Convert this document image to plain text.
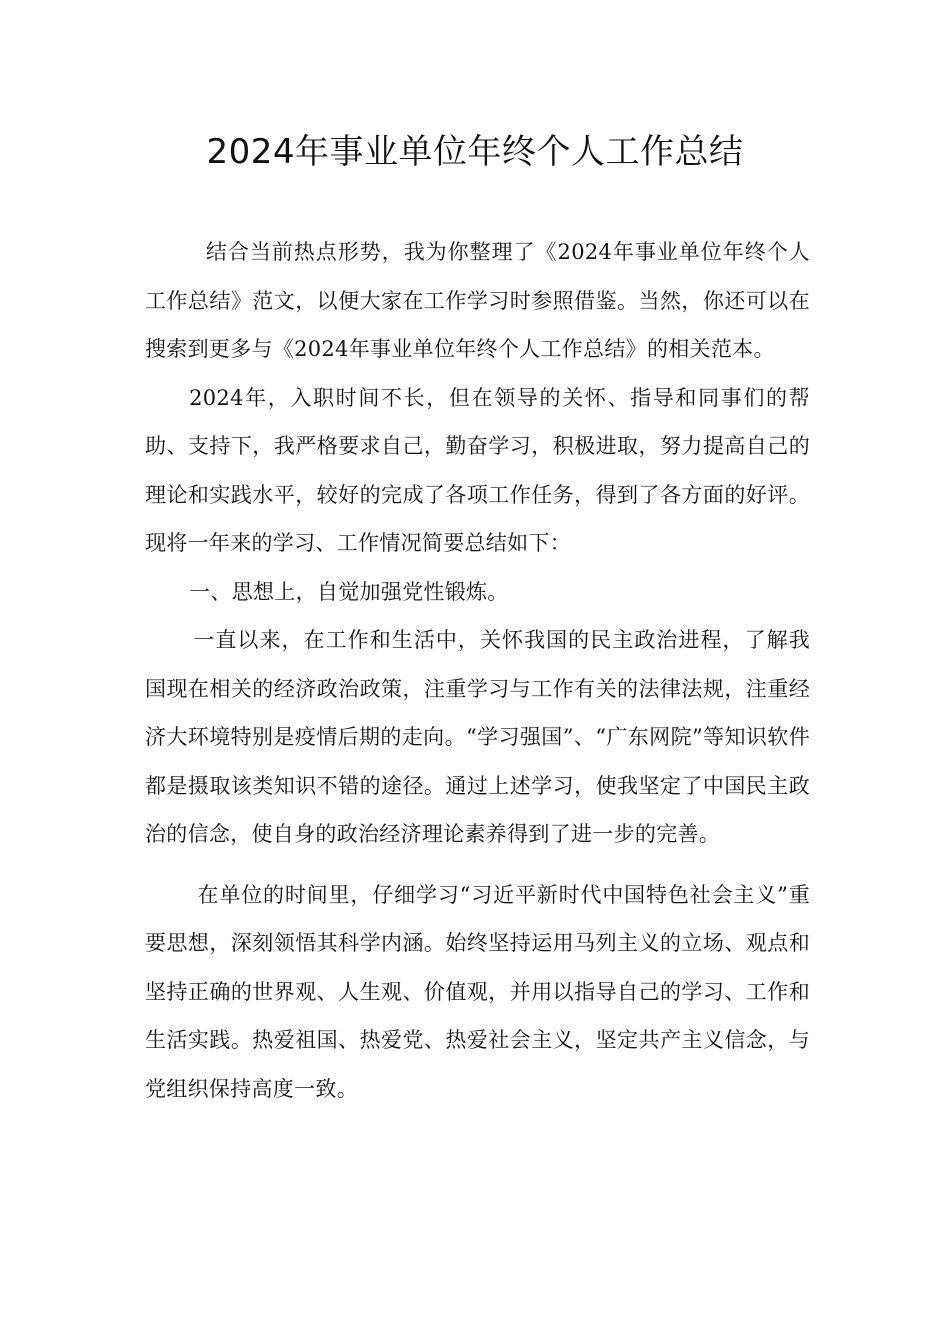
2024年事业单位年终个人工作总结

结合当前热点形势，我为你整理了《2024年事业单位年终个人工作总结》范文，以便大家在工作学习时参照借鉴。当然，你还可以在搜索到更多与《2024年事业单位年终个人工作总结》的相关范本。

2024年，入职时间不长，但在领导的关怀、指导和同事们的帮助、支持下，我严格要求自己，勤奋学习，积极进取，努力提高自己的理论和实践水平，较好的完成了各项工作任务，得到了各方面的好评。现将一年来的学习、工作情况简要总结如下：

一、思想上，自觉加强党性锻炼。

一直以来，在工作和生活中，关怀我国的民主政治进程，了解我国现在相关的经济政治政策，注重学习与工作有关的法律法规，注重经济大环境特别是疫情后期的走向。“学习强国”、“广东网院”等知识软件都是摄取该类知识不错的途径。通过上述学习，使我坚定了中国民主政治的信念，使自身的政治经济理论素养得到了进一步的完善。

在单位的时间里，仔细学习“习近平新时代中国特色社会主义”重要思想，深刻领悟其科学内涵。始终坚持运用马列主义的立场、观点和坚持正确的世界观、人生观、价值观，并用以指导自己的学习、工作和生活实践。热爱祖国、热爱党、热爱社会主义，坚定共产主义信念，与党组织保持高度一致。
